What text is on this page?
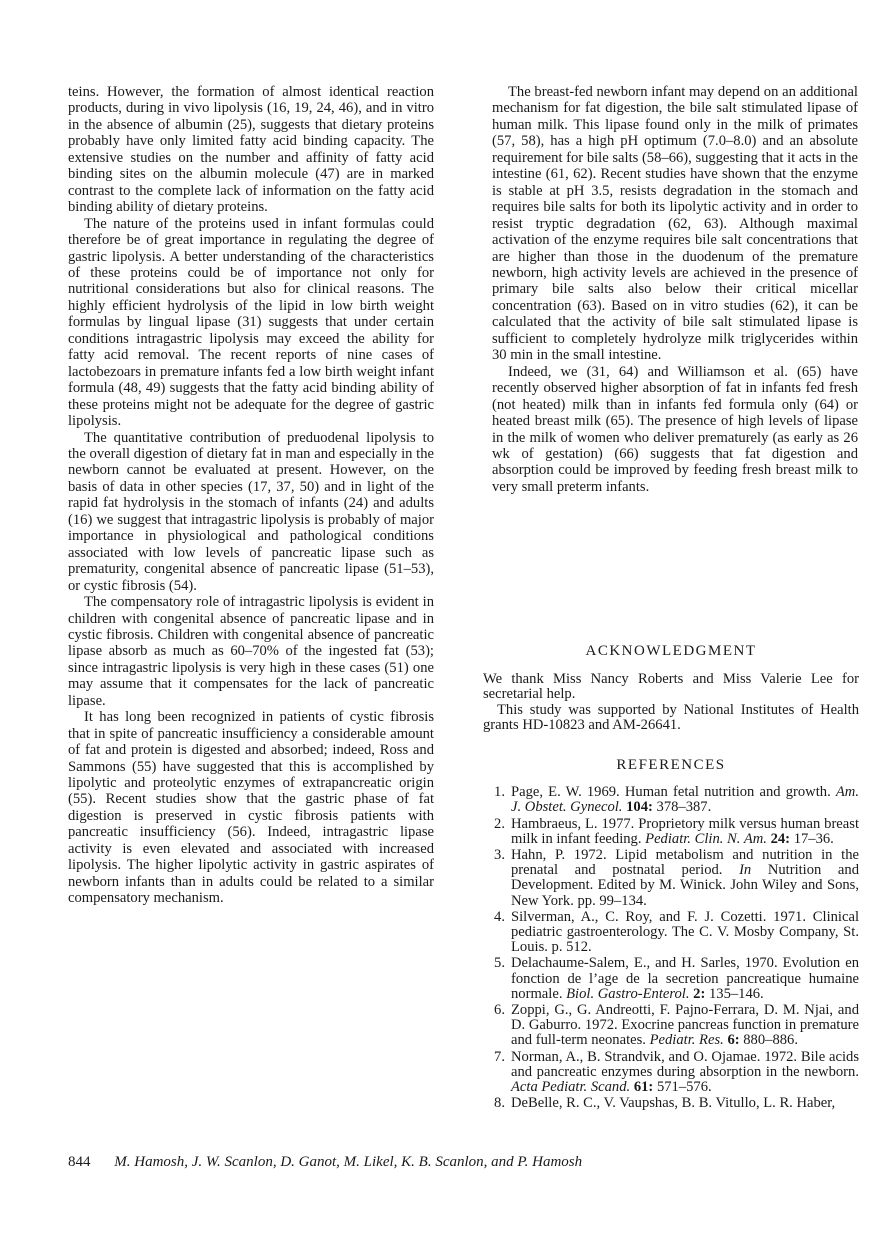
teins. However, the formation of almost identical reaction products, during in vivo lipolysis (16, 19, 24, 46), and in vitro in the absence of albumin (25), suggests that dietary proteins probably have only limited fatty acid binding capacity. The extensive studies on the number and affinity of fatty acid binding sites on the albumin molecule (47) are in marked contrast to the complete lack of information on the fatty acid binding ability of dietary proteins.

The nature of the proteins used in infant formulas could therefore be of great importance in regulating the degree of gastric lipolysis. A better understanding of the characteristics of these proteins could be of importance not only for nutritional considerations but also for clinical reasons. The highly efficient hydrolysis of the lipid in low birth weight formulas by lingual lipase (31) suggests that under certain conditions intragastric lipolysis may exceed the ability for fatty acid removal. The recent reports of nine cases of lactobezoars in premature infants fed a low birth weight infant formula (48, 49) suggests that the fatty acid binding ability of these proteins might not be adequate for the degree of gastric lipolysis.

The quantitative contribution of preduodenal lipolysis to the overall digestion of dietary fat in man and especially in the newborn cannot be evaluated at present. However, on the basis of data in other species (17, 37, 50) and in light of the rapid fat hydrolysis in the stomach of infants (24) and adults (16) we suggest that intragastric lipolysis is probably of major importance in physiological and pathological conditions associated with low levels of pancreatic lipase such as prematurity, congenital absence of pancreatic lipase (51–53), or cystic fibrosis (54).

The compensatory role of intragastric lipolysis is evident in children with congenital absence of pancreatic lipase and in cystic fibrosis. Children with congenital absence of pancreatic lipase absorb as much as 60–70% of the ingested fat (53); since intragastric lipolysis is very high in these cases (51) one may assume that it compensates for the lack of pancreatic lipase.

It has long been recognized in patients of cystic fibrosis that in spite of pancreatic insufficiency a considerable amount of fat and protein is digested and absorbed; indeed, Ross and Sammons (55) have suggested that this is accomplished by lipolytic and proteolytic enzymes of extrapancreatic origin (55). Recent studies show that the gastric phase of fat digestion is preserved in cystic fibrosis patients with pancreatic insufficiency (56). Indeed, intragastric lipase activity is even elevated and associated with increased lipolysis. The higher lipolytic activity in gastric aspirates of newborn infants than in adults could be related to a similar compensatory mechanism.

The breast-fed newborn infant may depend on an additional mechanism for fat digestion, the bile salt stimulated lipase of human milk. This lipase found only in the milk of primates (57, 58), has a high pH optimum (7.0–8.0) and an absolute requirement for bile salts (58–66), suggesting that it acts in the intestine (61, 62). Recent studies have shown that the enzyme is stable at pH 3.5, resists degradation in the stomach and requires bile salts for both its lipolytic activity and in order to resist tryptic degradation (62, 63). Although maximal activation of the enzyme requires bile salt concentrations that are higher than those in the duodenum of the premature newborn, high activity levels are achieved in the presence of primary bile salts also below their critical micellar concentration (63). Based on in vitro studies (62), it can be calculated that the activity of bile salt stimulated lipase is sufficient to completely hydrolyze milk triglycerides within 30 min in the small intestine.

Indeed, we (31, 64) and Williamson et al. (65) have recently observed higher absorption of fat in infants fed fresh (not heated) milk than in infants fed formula only (64) or heated breast milk (65). The presence of high levels of lipase in the milk of women who deliver prematurely (as early as 26 wk of gestation) (66) suggests that fat digestion and absorption could be improved by feeding fresh breast milk to very small preterm infants.

ACKNOWLEDGMENT

We thank Miss Nancy Roberts and Miss Valerie Lee for secretarial help.

This study was supported by National Institutes of Health grants HD-10823 and AM-26641.

REFERENCES
1. Page, E. W. 1969. Human fetal nutrition and growth. Am. J. Obstet. Gynecol. 104: 378–387.
2. Hambraeus, L. 1977. Proprietory milk versus human breast milk in infant feeding. Pediatr. Clin. N. Am. 24: 17–36.
3. Hahn, P. 1972. Lipid metabolism and nutrition in the prenatal and postnatal period. In Nutrition and Development. Edited by M. Winick. John Wiley and Sons, New York. pp. 99–134.
4. Silverman, A., C. Roy, and F. J. Cozetti. 1971. Clinical pediatric gastroenterology. The C. V. Mosby Company, St. Louis. p. 512.
5. Delachaume-Salem, E., and H. Sarles, 1970. Evolution en fonction de l’age de la secretion pancreatique humaine normale. Biol. Gastro-Enterol. 2: 135–146.
6. Zoppi, G., G. Andreotti, F. Pajno-Ferrara, D. M. Njai, and D. Gaburro. 1972. Exocrine pancreas function in premature and full-term neonates. Pediatr. Res. 6: 880–886.
7. Norman, A., B. Strandvik, and O. Ojamae. 1972. Bile acids and pancreatic enzymes during absorption in the newborn. Acta Pediatr. Scand. 61: 571–576.
8. DeBelle, R. C., V. Vaupshas, B. B. Vitullo, L. R. Haber,
844 M. Hamosh, J. W. Scanlon, D. Ganot, M. Likel, K. B. Scanlon, and P. Hamosh
